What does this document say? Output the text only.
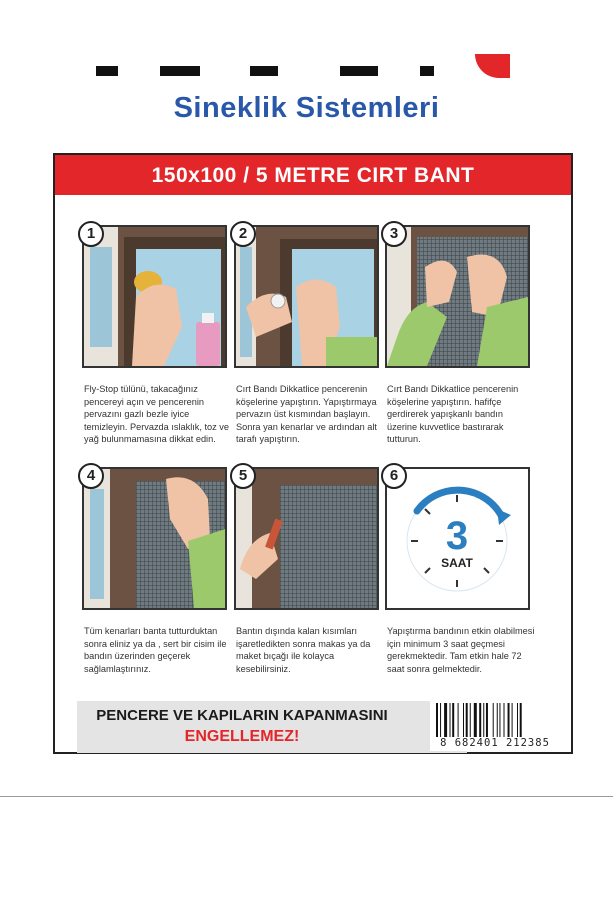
Sineklik Sistemleri
150x100 / 5 METRE CIRT BANT
1
Fly-Stop tülünü, takacağınız pencereyi açın ve pencerenin pervazını gazlı bezle iyice temizleyin. Pervazda ıslaklık, toz ve yağ bulunmamasına dikkat edin.
2
Cırt Bandı Dikkatlice pencerenin köşelerine yapıştırın. Yapıştırmaya pervazın üst kısmından başlayın. Sonra yan kenarlar ve ardından alt tarafı yapıştırın.
3
Cırt Bandı Dikkatlice pencerenin köşelerine yapıştırın. hafifçe gerdirerek yapışkanlı bandın üzerine kuvvetlice bastırarak tutturun.
4
Tüm kenarları banta tutturduktan sonra eliniz ya da , sert bir cisim ile bandın üzerinden geçerek sağlamlaştırınız.
5
Bantın dışında kalan kısımları işaretledikten sonra makas ya da maket bıçağı ile kolayca kesebilirsiniz.
6
3
SAAT
Yapıştırma bandının etkin olabilmesi için minimum 3 saat geçmesi gerekmektedir. Tam etkin hale 72 saat sonra gelmektedir.
PENCERE VE KAPILARIN KAPANMASINI
ENGELLEMEZ!	8 682401 212385
